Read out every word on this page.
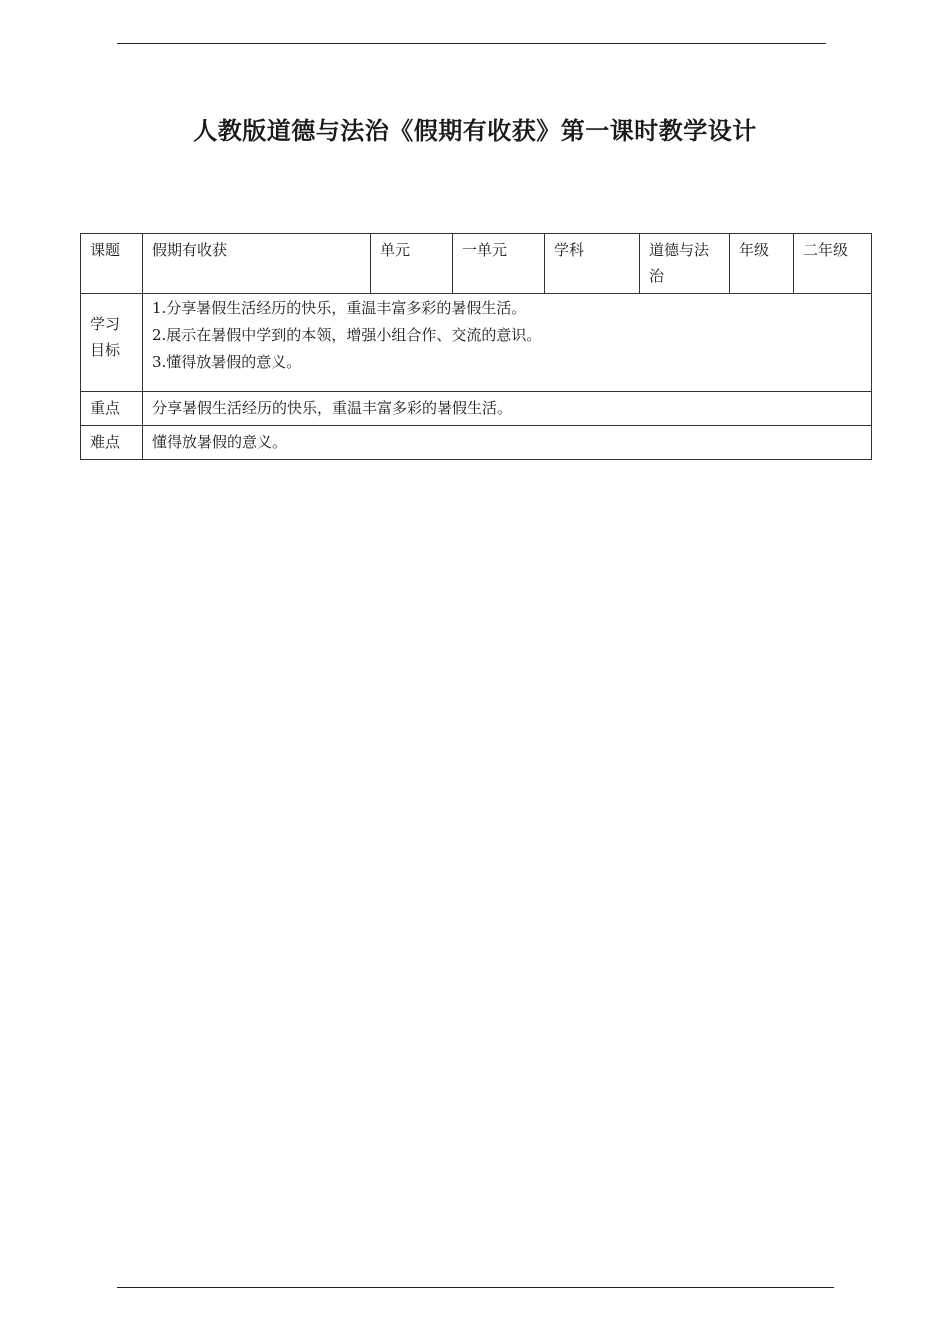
人教版道德与法治《假期有收获》第一课时教学设计
课题	假期有收获	单元	一单元	学科	道德与法治	年级	二年级
学习目标	1.分享暑假生活经历的快乐，重温丰富多彩的暑假生活。
2.展示在暑假中学到的本领，增强小组合作、交流的意识。
3.懂得放暑假的意义。						

重点	分享暑假生活经历的快乐，重温丰富多彩的暑假生活。						
难点	懂得放暑假的意义。						
